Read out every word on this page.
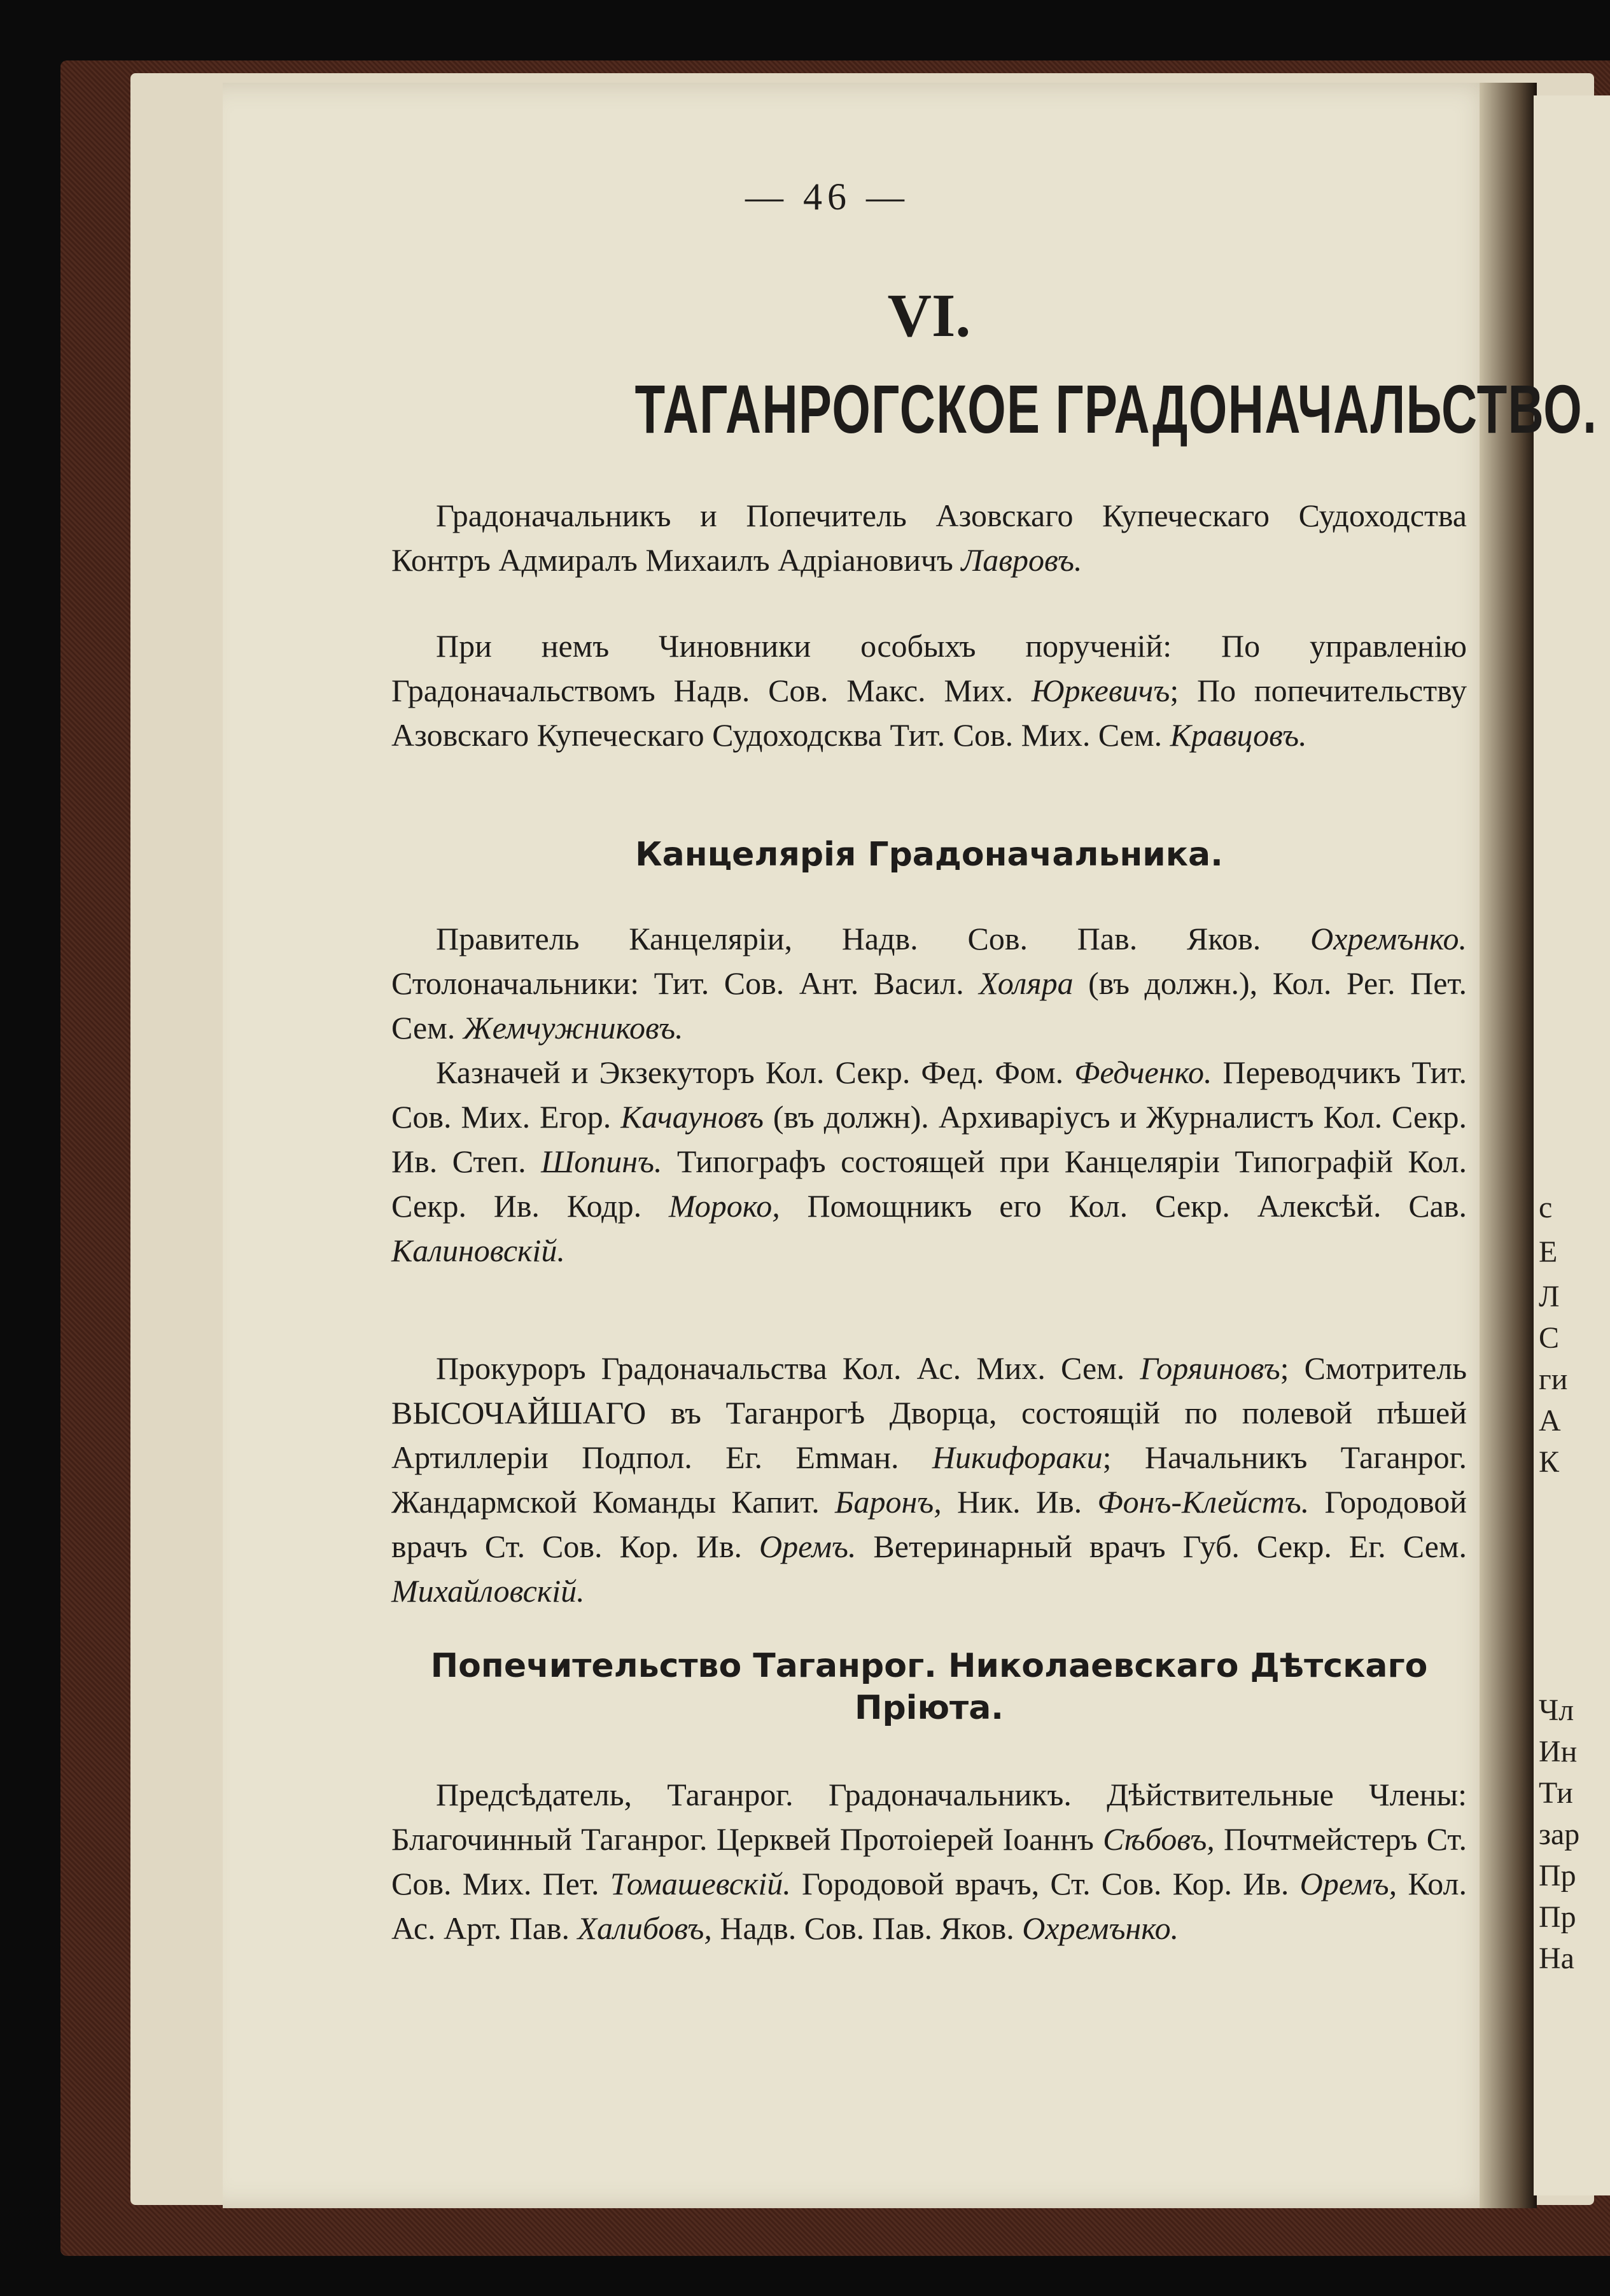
с
Е
Л
С
ги
А
К
Чл
Ин
Ти
зар
Пр
Пр
На
— 46 —
VI.
ТАГАНРОГСКОЕ ГРАДОНАЧАЛЬСТВО.
Градоначальникъ и Попечитель Азовскаго Купеческаго Судоходства Контръ Адмиралъ Михаилъ Адріановичъ Лавровъ.
При немъ Чиновники особыхъ порученій: По управленію Градоначальствомъ Надв. Сов. Макс. Мих. Юркевичъ; По попечительству Азовскаго Купеческаго Судоходсква Тит. Сов. Мих. Сем. Кравцовъ.
Канцелярія Градоначальника.
Правитель Канцеляріи, Надв. Сов. Пав. Яков. Охремънко. Столоначальники: Тит. Сов. Ант. Васил. Холяра (въ должн.), Кол. Рег. Пет. Сем. Жемчужниковъ.
Казначей и Экзекуторъ Кол. Секр. Фед. Фом. Федченко. Переводчикъ Тит. Сов. Мих. Егор. Качауновъ (въ должн). Архиваріусъ и Журналистъ Кол. Секр. Ив. Степ. Шопинъ. Типографъ состоящей при Канцеляріи Типографій Кол. Секр. Ив. Кодр. Мороко, Помощникъ его Кол. Секр. Алексѣй. Сав. Калиновскій.
Прокуроръ Градоначальства Кол. Ас. Мих. Сем. Горяиновъ; Смотритель ВЫСОЧАЙШАГО въ Таганрогѣ Дворца, состоящій по полевой пѣшей Артиллеріи Подпол. Ег. Emман. Никифораки; Начальникъ Таганрог. Жандармской Команды Капит. Баронъ, Ник. Ив. Фонъ-Клейстъ. Городовой врачъ Ст. Сов. Кор. Ив. Оремъ. Ветеринарный врачъ Губ. Секр. Ег. Сем. Михайловскій.
Попечительство Таганрог. Николаевскаго Дѣтскаго Пріюта.
Предсѣдатель, Таганрог. Градоначальникъ. Дѣйствительные Члены: Благочинный Таганрог. Церквей Протоіерей Іоаннъ Сѣбовъ, Почтмейстеръ Ст. Сов. Мих. Пет. Томашевскій. Городовой врачъ, Ст. Сов. Кор. Ив. Оремъ, Кол. Ас. Арт. Пав. Халибовъ, Надв. Сов. Пав. Яков. Охремънко.
